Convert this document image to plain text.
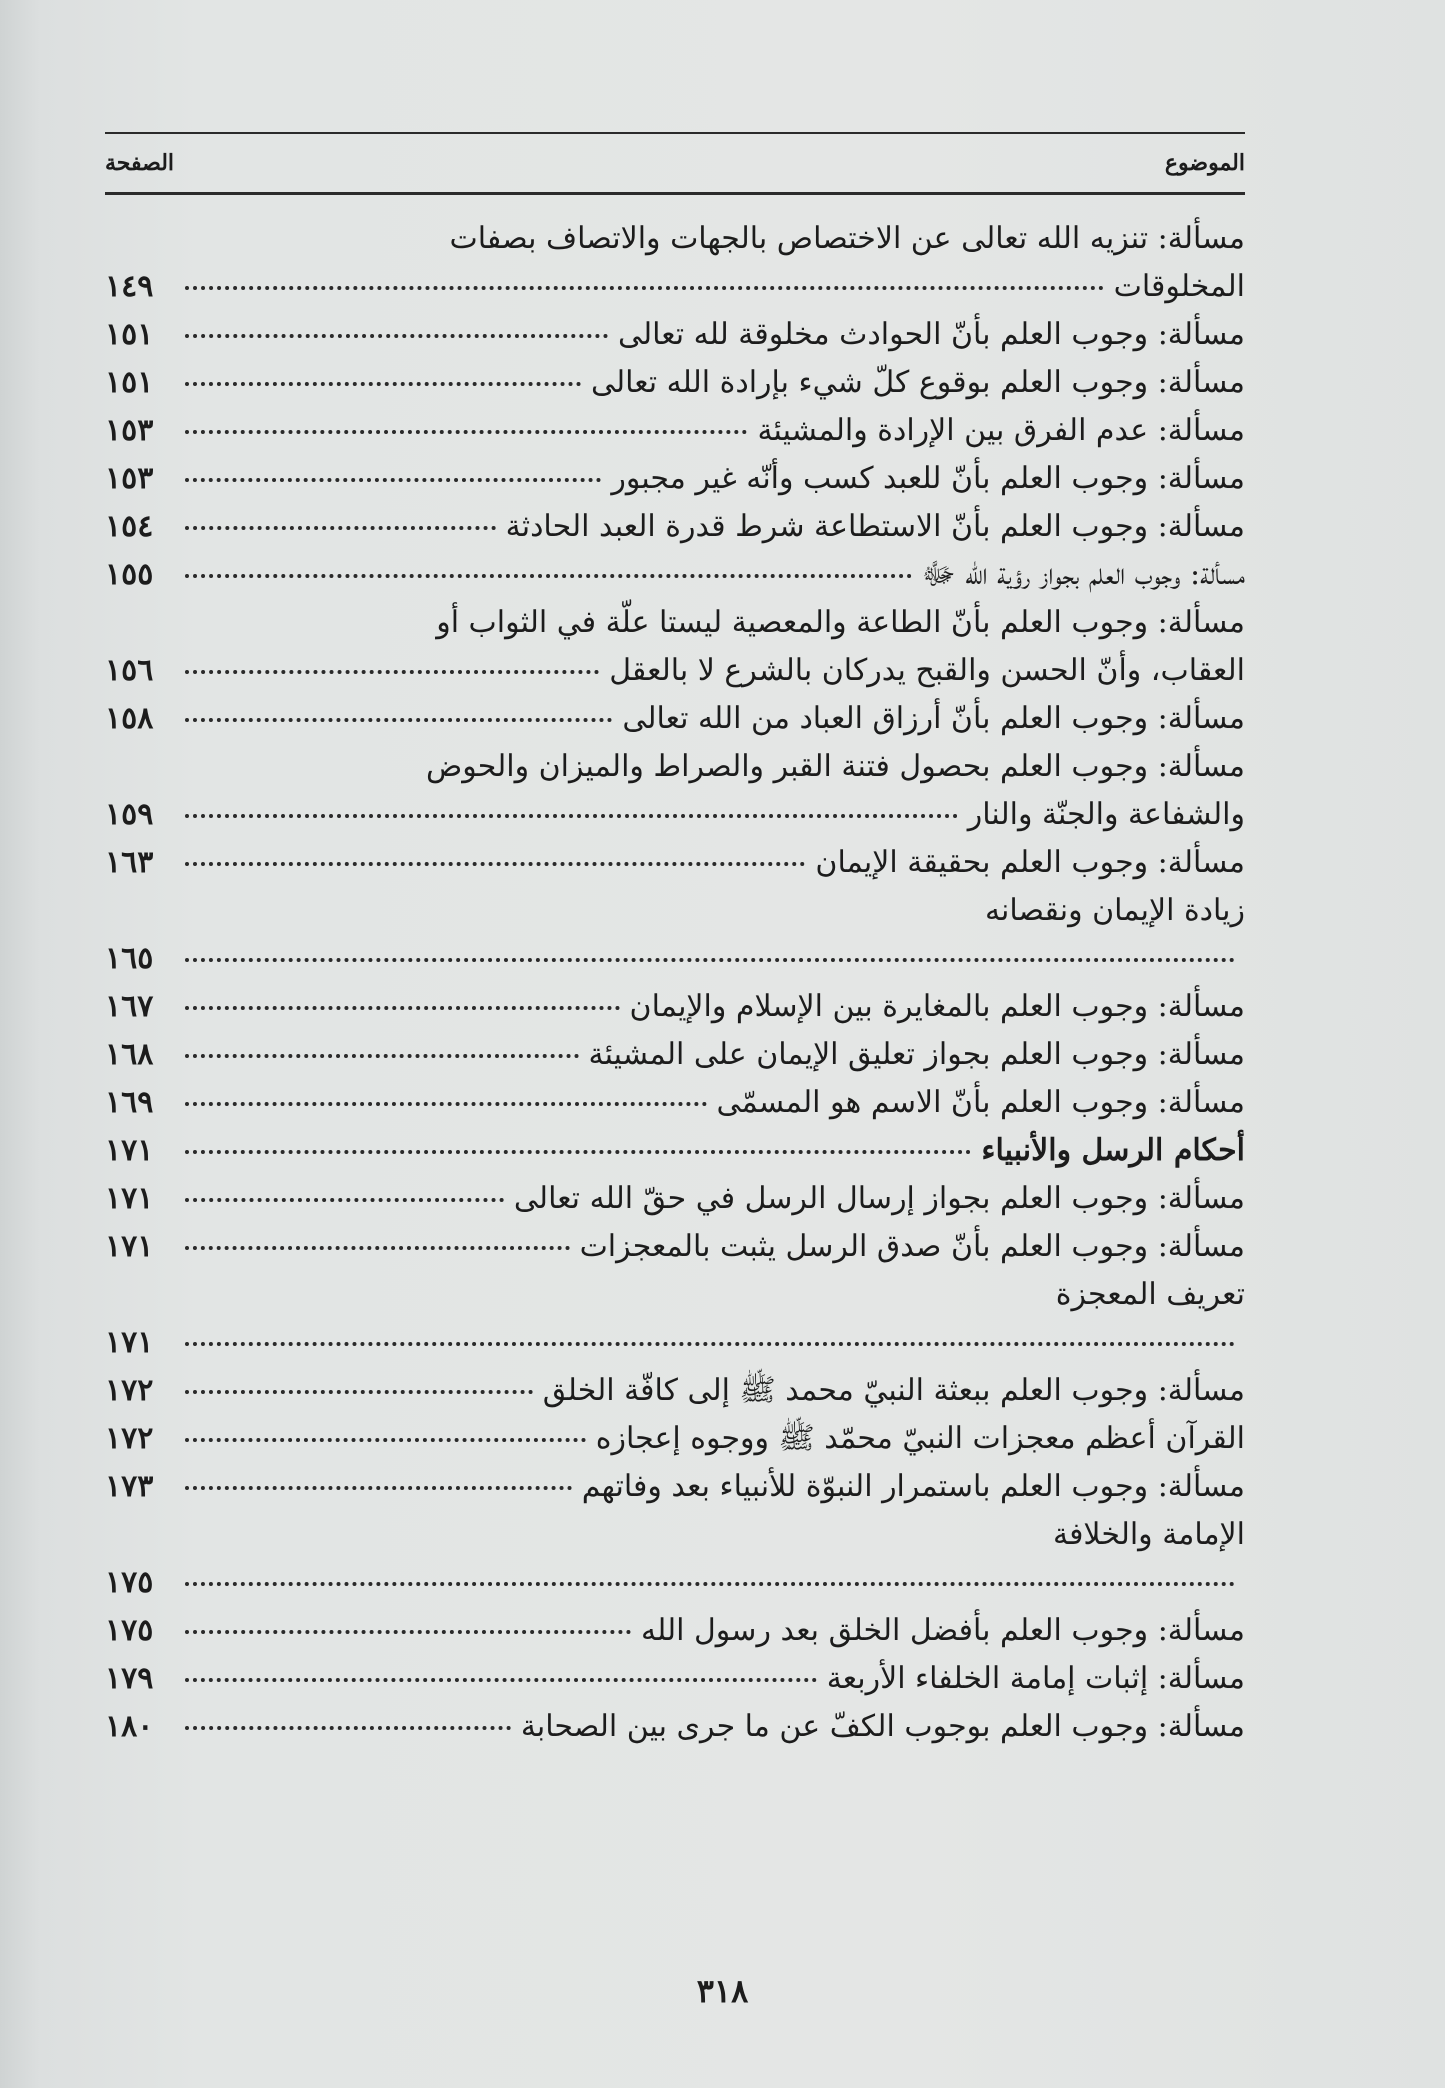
الموضوع
الصفحة
مسألة: تنزيه الله تعالى عن الاختصاص بالجهات والاتصاف بصفات
المخلوقات
١٤٩
مسألة: وجوب العلم بأنّ الحوادث مخلوقة لله تعالى
١٥١
مسألة: وجوب العلم بوقوع كلّ شيء بإرادة الله تعالى
١٥١
مسألة: عدم الفرق بين الإرادة والمشيئة
١٥٣
مسألة: وجوب العلم بأنّ للعبد كسب وأنّه غير مجبور
١٥٣
مسألة: وجوب العلم بأنّ الاستطاعة شرط قدرة العبد الحادثة
١٥٤
مسألة: وجوب العلم بجواز رؤية الله ﷻ
١٥٥
مسألة: وجوب العلم بأنّ الطاعة والمعصية ليستا علّة في الثواب أو
العقاب، وأنّ الحسن والقبح يدركان بالشرع لا بالعقل
١٥٦
مسألة: وجوب العلم بأنّ أرزاق العباد من الله تعالى
١٥٨
مسألة: وجوب العلم بحصول فتنة القبر والصراط والميزان والحوض
والشفاعة والجنّة والنار
١٥٩
مسألة: وجوب العلم بحقيقة الإيمان
١٦٣
زيادة الإيمان ونقصانه
١٦٥
مسألة: وجوب العلم بالمغايرة بين الإسلام والإيمان
١٦٧
مسألة: وجوب العلم بجواز تعليق الإيمان على المشيئة
١٦٨
مسألة: وجوب العلم بأنّ الاسم هو المسمّى
١٦٩
أحكام الرسل والأنبياء
١٧١
مسألة: وجوب العلم بجواز إرسال الرسل في حقّ الله تعالى
١٧١
مسألة: وجوب العلم بأنّ صدق الرسل يثبت بالمعجزات
١٧١
تعريف المعجزة
١٧١
مسألة: وجوب العلم ببعثة النبيّ محمد ﷺ إلى كافّة الخلق
١٧٢
القرآن أعظم معجزات النبيّ محمّد ﷺ ووجوه إعجازه
١٧٢
مسألة: وجوب العلم باستمرار النبوّة للأنبياء بعد وفاتهم
١٧٣
الإمامة والخلافة
١٧٥
مسألة: وجوب العلم بأفضل الخلق بعد رسول الله
١٧٥
مسألة: إثبات إمامة الخلفاء الأربعة
١٧٩
مسألة: وجوب العلم بوجوب الكفّ عن ما جرى بين الصحابة
١٨٠
٣١٨
